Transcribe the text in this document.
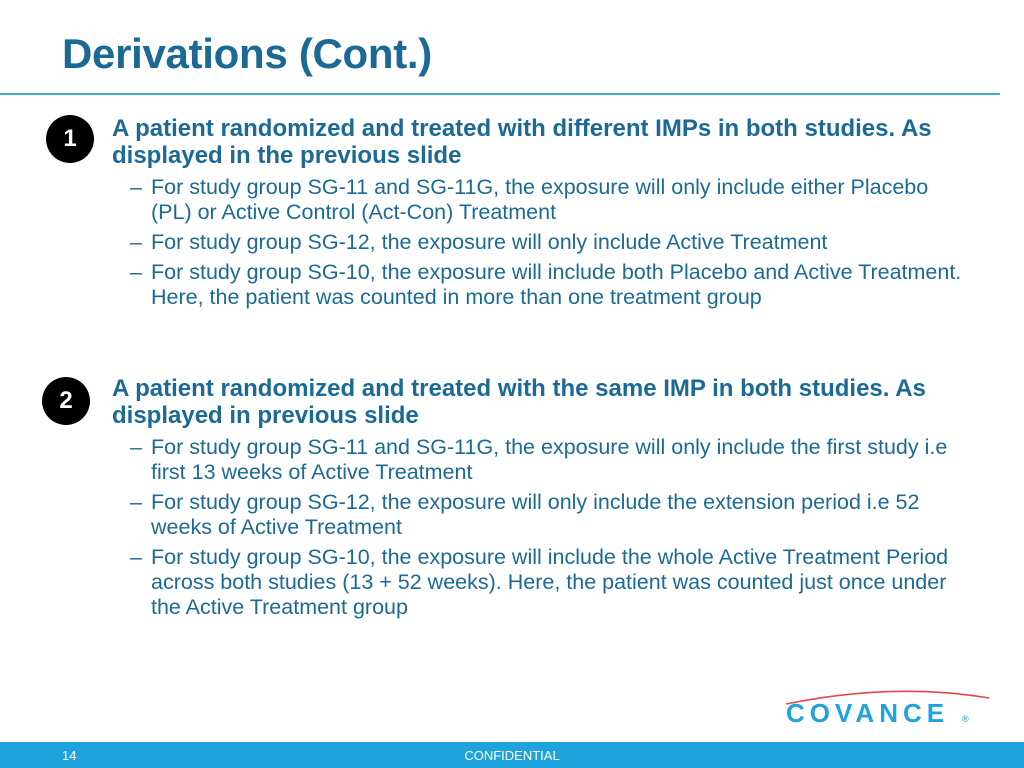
Derivations (Cont.)
1	A patient randomized and treated with different IMPs in both studies. As displayed in the previous slide

– For study group SG-11 and SG-11G, the exposure will only include either Placebo (PL) or Active Control (Act-Con) Treatment
– For study group SG-12, the exposure will only include Active Treatment
– For study group SG-10, the exposure will include both Placebo and Active Treatment. Here, the patient was counted in more than one treatment group
2	A patient randomized and treated with the same IMP in both studies. As displayed in previous slide

– For study group SG-11 and SG-11G, the exposure will only include the first study i.e first 13 weeks of Active Treatment
– For study group SG-12, the exposure will only include the extension period i.e 52 weeks of Active Treatment
– For study group SG-10, the exposure will include the whole Active Treatment Period across both studies (13 + 52 weeks). Here, the patient was counted just once under the Active Treatment group
COVANCE ®
14	CONFIDENTIAL
